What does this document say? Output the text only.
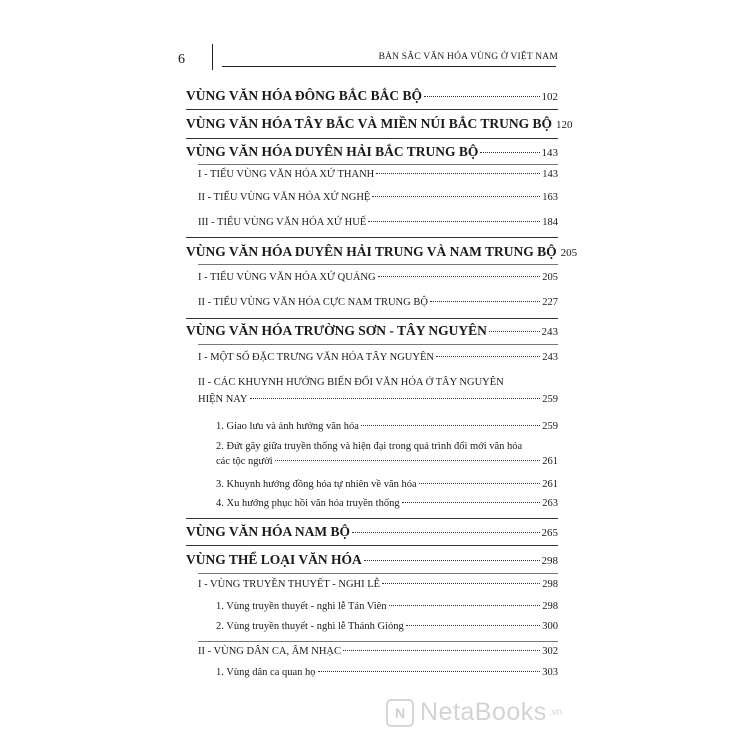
6	BẢN SẮC VĂN HÓA VÙNG Ở VIỆT NAM
VÙNG VĂN HÓA ĐÔNG BẮC BẮC BỘ	102
VÙNG VĂN HÓA TÂY BẮC VÀ MIỀN NÚI BẮC TRUNG BỘ 120
VÙNG VĂN HÓA DUYÊN HẢI BẮC TRUNG BỘ	143
I - TIỂU VÙNG VĂN HÓA XỨ THANH	143
II - TIỂU VÙNG VĂN HÓA XỨ NGHỆ	163
III - TIỂU VÙNG VĂN HÓA XỨ HUẾ	184
VÙNG VĂN HÓA DUYÊN HẢI TRUNG VÀ NAM TRUNG BỘ 205
I - TIỂU VÙNG VĂN HÓA XỨ QUẢNG	205
II - TIỂU VÙNG VĂN HÓA CỰC NAM TRUNG BỘ	227
VÙNG VĂN HÓA TRƯỜNG SƠN - TÂY NGUYÊN	243
I - MỘT SỐ ĐẶC TRƯNG VĂN HÓA TÂY NGUYÊN	243
II - CÁC KHUYNH HƯỚNG BIẾN ĐỔI VĂN HÓA Ở TÂY NGUYÊN
HIỆN NAY	259
1. Giao lưu và ảnh hưởng văn hóa	259
2. Đứt gãy giữa truyền thống và hiện đại trong quá trình đổi mới văn hóa
các tộc người	261
3. Khuynh hướng đồng hóa tự nhiên về văn hóa	261
4. Xu hướng phục hồi văn hóa truyền thống	263
VÙNG VĂN HÓA NAM BỘ	265
VÙNG THỂ LOẠI VĂN HÓA	298
I - VÙNG TRUYỀN THUYẾT - NGHI LỄ	298
1. Vùng truyền thuyết - nghi lễ Tản Viên	298
2. Vùng truyền thuyết - nghi lễ Thánh Gióng	300
II - VÙNG DÂN CA, ÂM NHẠC	302
1. Vùng dân ca quan họ	303
N NetaBooks .vn
